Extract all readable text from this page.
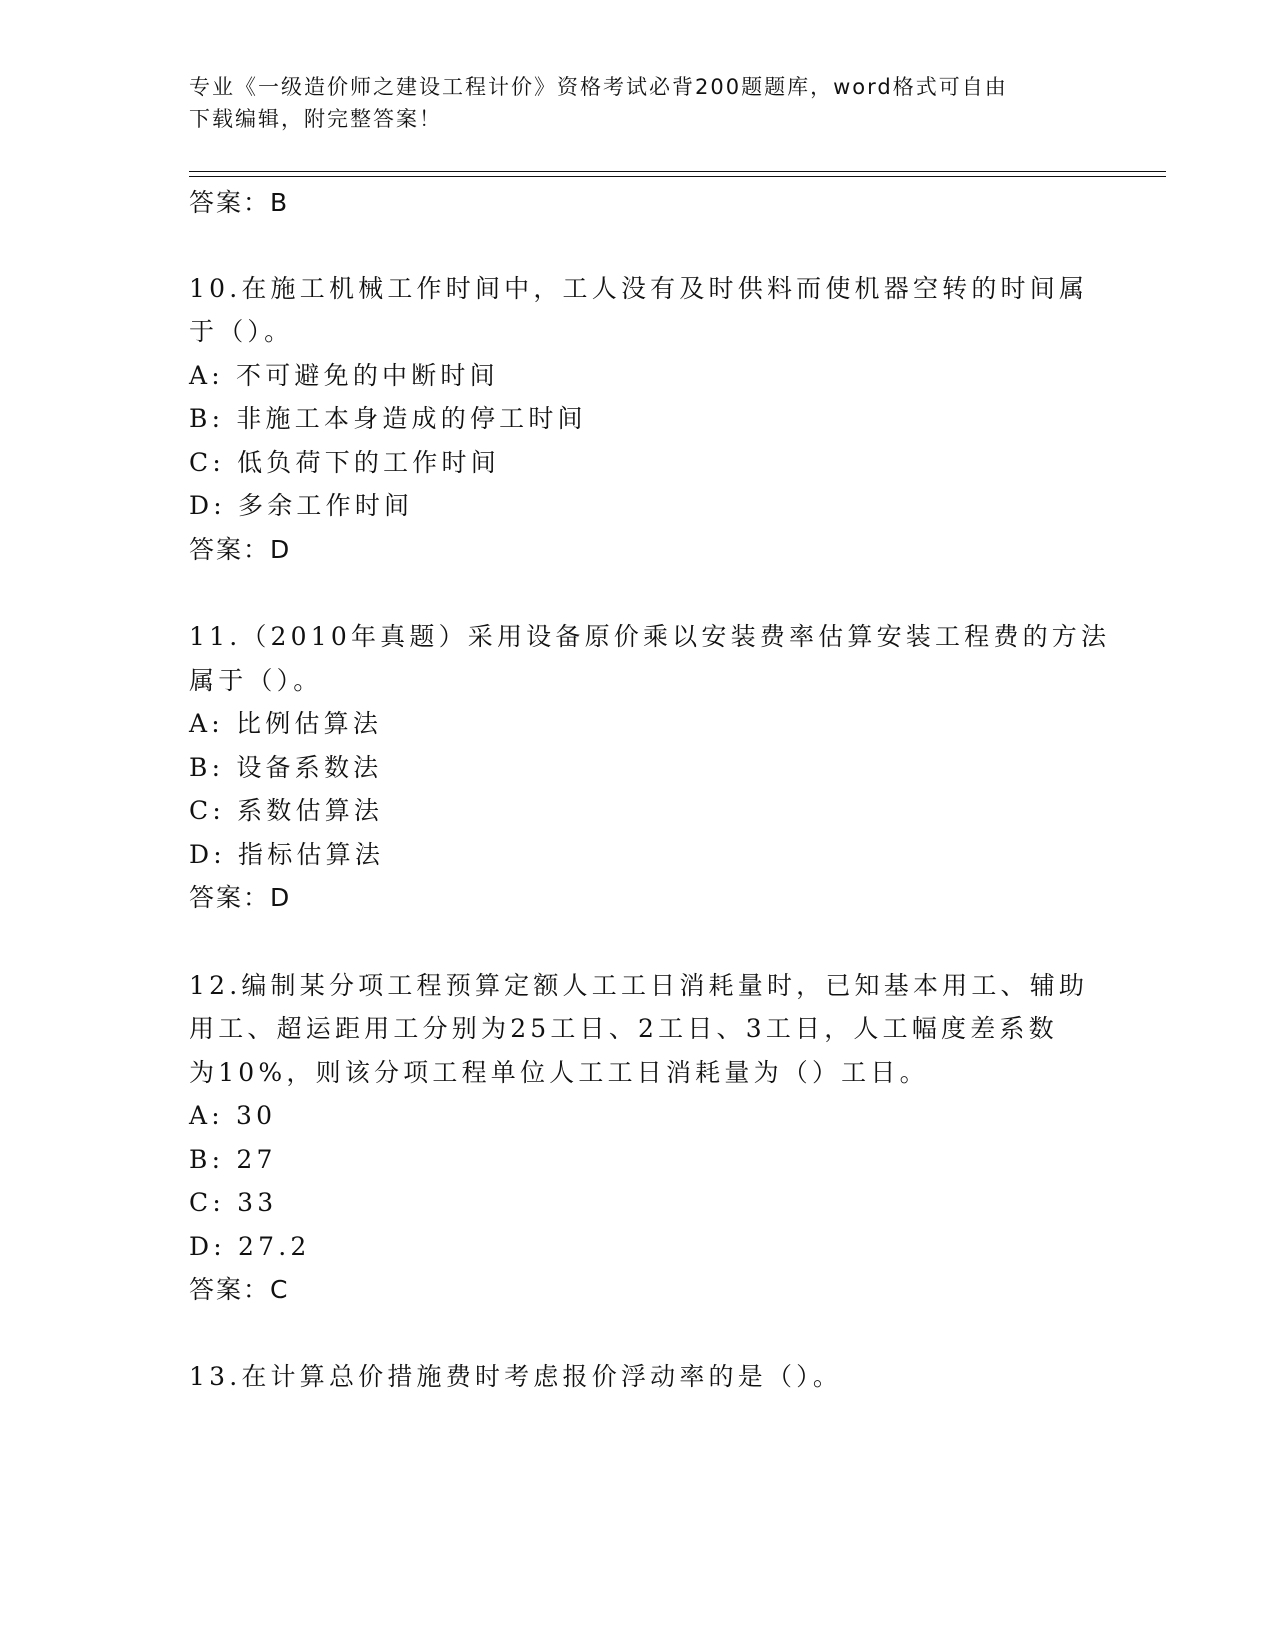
专业《一级造价师之建设工程计价》资格考试必背200题题库，word格式可自由
下载编辑，附完整答案！
答案：B
10.在施工机械工作时间中，工人没有及时供料而使机器空转的时间属
于（）。
A: 不可避免的中断时间
B: 非施工本身造成的停工时间
C: 低负荷下的工作时间
D: 多余工作时间
答案：D
11.（2010年真题）采用设备原价乘以安装费率估算安装工程费的方法
属于（）。
A: 比例估算法
B: 设备系数法
C: 系数估算法
D: 指标估算法
答案：D
12.编制某分项工程预算定额人工工日消耗量时，已知基本用工、辅助
用工、超运距用工分别为25工日、2工日、3工日，人工幅度差系数
为10%，则该分项工程单位人工工日消耗量为（）工日。
A: 30
B: 27
C: 33
D: 27.2
答案：C
13.在计算总价措施费时考虑报价浮动率的是（）。
